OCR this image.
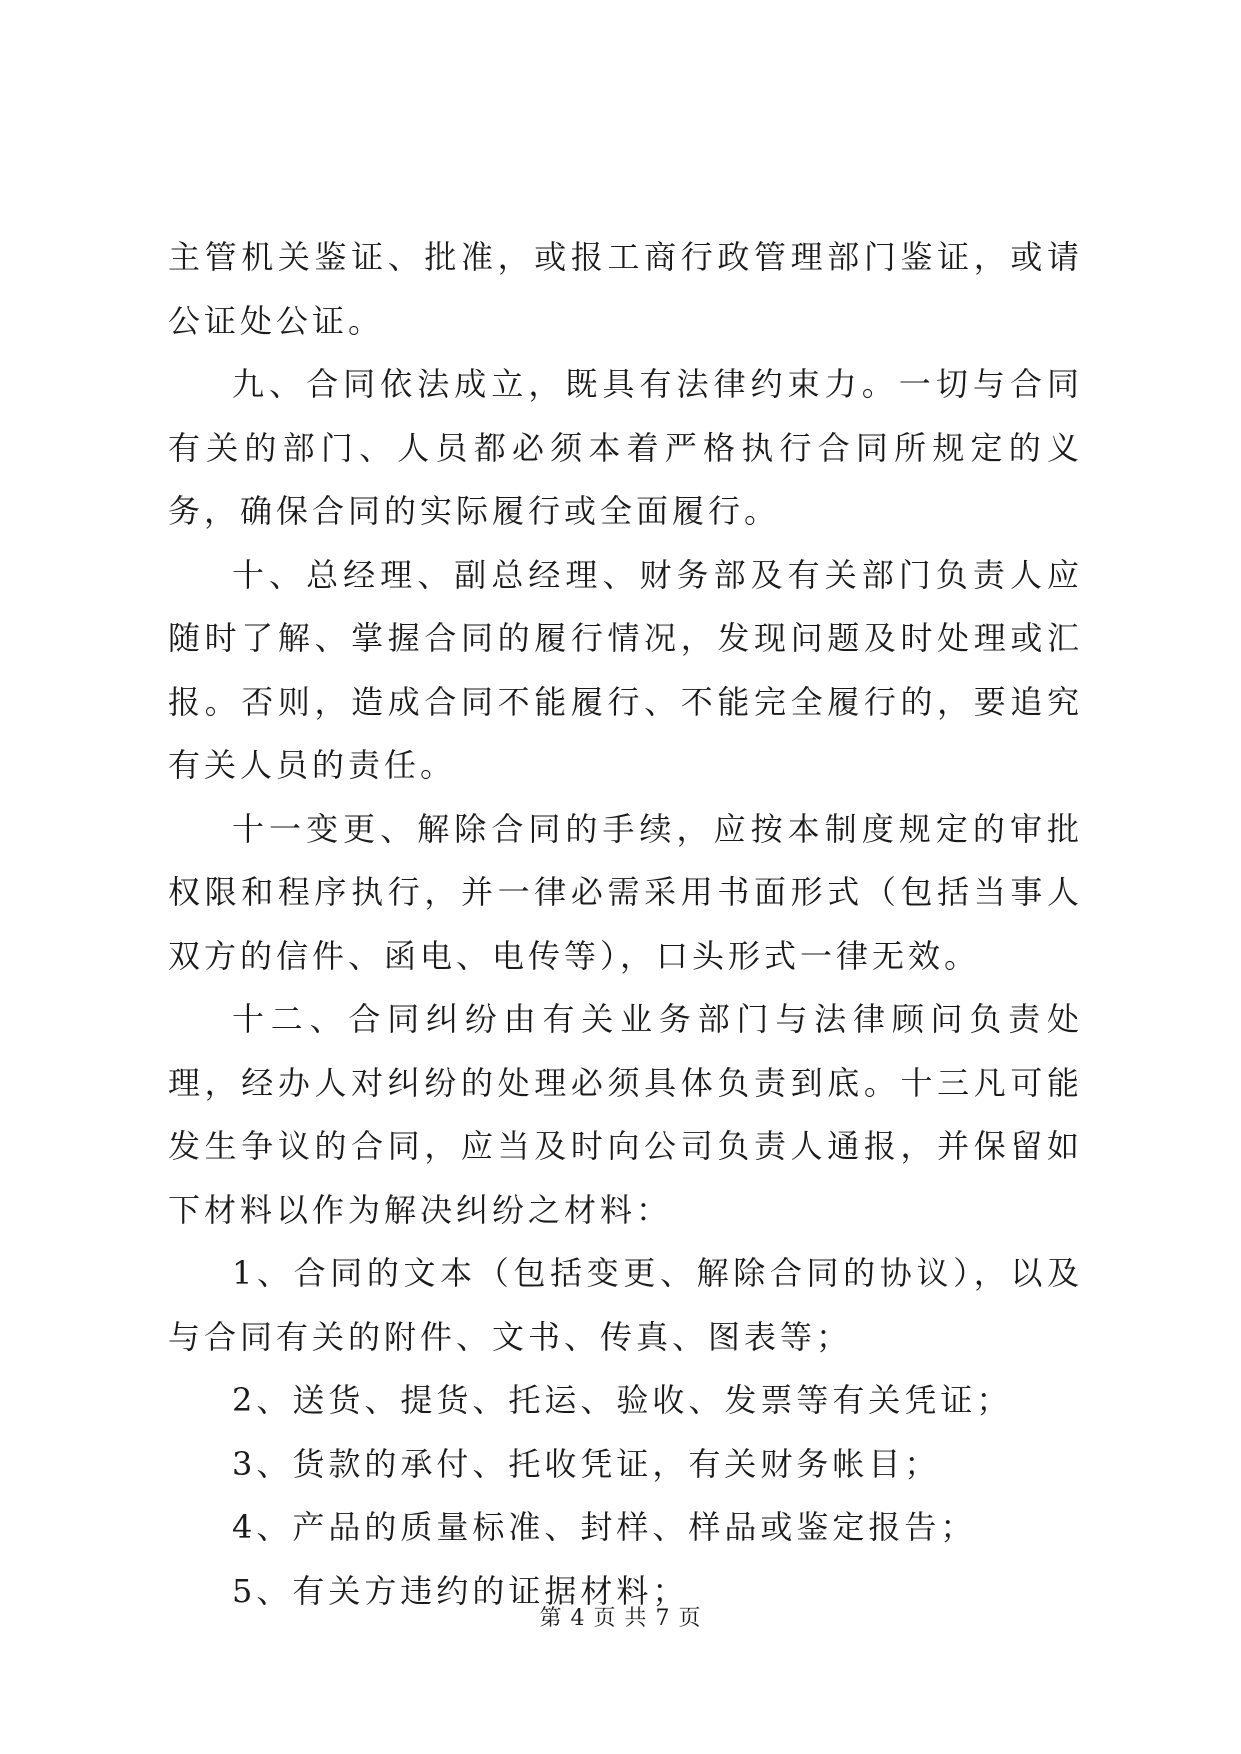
主管机关鉴证、批准，或报工商行政管理部门鉴证，或请公证处公证。

九、合同依法成立，既具有法律约束力。一切与合同有关的部门、人员都必须本着严格执行合同所规定的义务，确保合同的实际履行或全面履行。

十、总经理、副总经理、财务部及有关部门负责人应随时了解、掌握合同的履行情况，发现问题及时处理或汇报。否则，造成合同不能履行、不能完全履行的，要追究有关人员的责任。

十一变更、解除合同的手续，应按本制度规定的审批权限和程序执行，并一律必需采用书面形式（包括当事人双方的信件、函电、电传等），口头形式一律无效。

十二、合同纠纷由有关业务部门与法律顾问负责处理，经办人对纠纷的处理必须具体负责到底。十三凡可能发生争议的合同，应当及时向公司负责人通报，并保留如下材料以作为解决纠纷之材料：

1、合同的文本（包括变更、解除合同的协议），以及与合同有关的附件、文书、传真、图表等；

2、送货、提货、托运、验收、发票等有关凭证；

3、货款的承付、托收凭证，有关财务帐目；

4、产品的质量标准、封样、样品或鉴定报告；

5、有关方违约的证据材料；

第 4 页 共 7 页
